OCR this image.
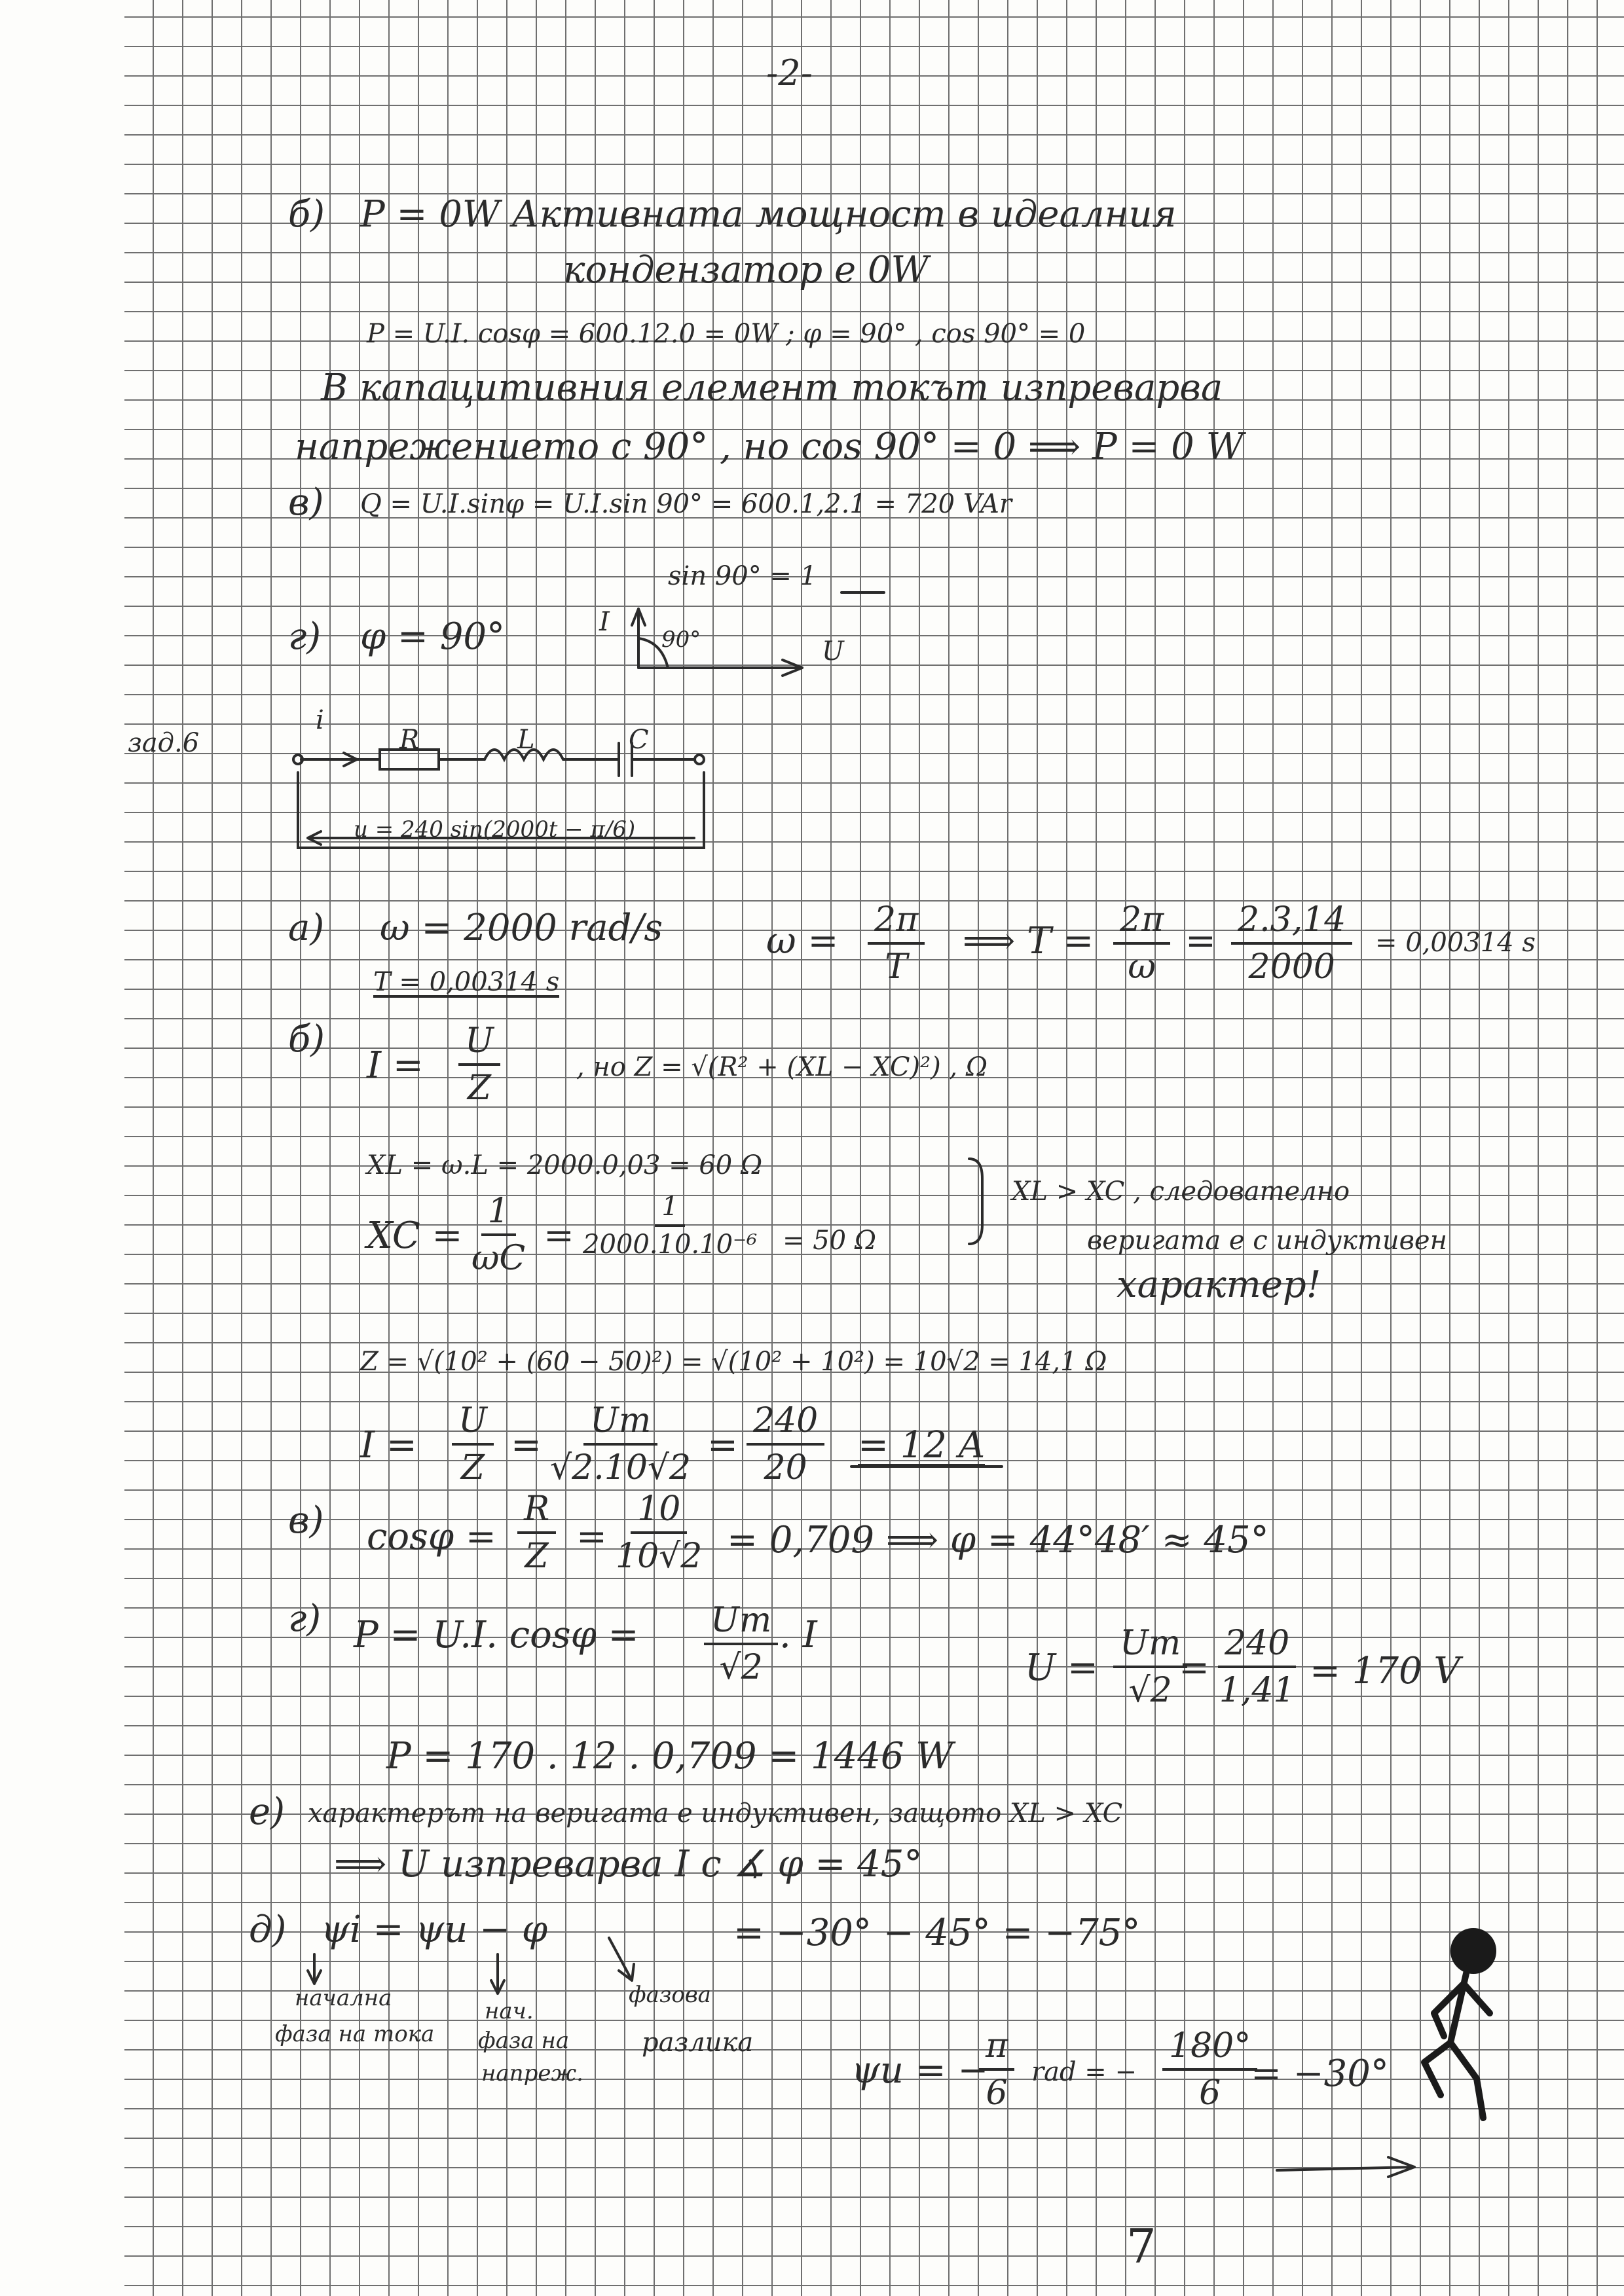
-2-
б) P = 0W Активната мощност в идеалния
кондензатор е 0W
P = U.I. cosφ = 600.12.0 = 0W ; φ = 90° , cos 90° = 0
В капацитивния елемент токът изпреварва
напрежението с 90° , но cos 90° = 0 ⟹ P = 0 W
в) Q = U.I.sinφ = U.I.sin 90° = 600.1,2.1 = 720 VAr
sin 90° = 1
г) φ = 90°	I
90°	U
зад.6
i
R	L	C
u = 240 sin(2000t − π/6)
а) ω = 2000 rad/s	$\omega = \frac{2\pi}{T}$ ⟹ $T = \frac{2\pi}{\omega} = \frac{2.3,14}{2000} = 0,00314$ s
T = 0,00314 s
б)
$I = \frac{U}{Z}$	, но Z = √(R² + (XL − XC)²) , Ω
XL = ω.L = 2000.0,03 = 60 Ω
XC = $\frac{1}{\omega C} = \frac{1}{\text{2000.10.10⁻⁶}} = 50$ Ω
XL > XC , следователно
веригата е с индуктивен
характер!
Z = √(10² + (60 − 50)²) = √(10² + 10²) = 10√2 = 14,1 Ω
$I = \frac{U}{Z} = \frac{Um}{√2.10√2} = \frac{240}{20} = 12$ A
в) $\cos\varphi = \frac{R}{Z} = \frac{10}{10√2} = 0,709$ ⟹ φ = 44°48′ ≈ 45°
г) P = U.I. $\cos\varphi = \frac{Um}{√2}$ . I
$U = \frac{Um}{√2}$
= $\frac{240}{1,41} = 170$ V
P = 170 . 12 . 0,709 = 1446 W
е) характерът на веригата е индуктивен, защото XL > XC
⟹ U изпреварва I с ∡ φ = 45°
д) ψi = ψu − φ	= −30° − 45° = −75°
начална
фаза на тока
нач.
фаза на
напреж.
фазова
разлика
ψu = −
$\frac{\pi}{6}$ rad = − $\frac{180^\circ}{6}$
= −30°
7
